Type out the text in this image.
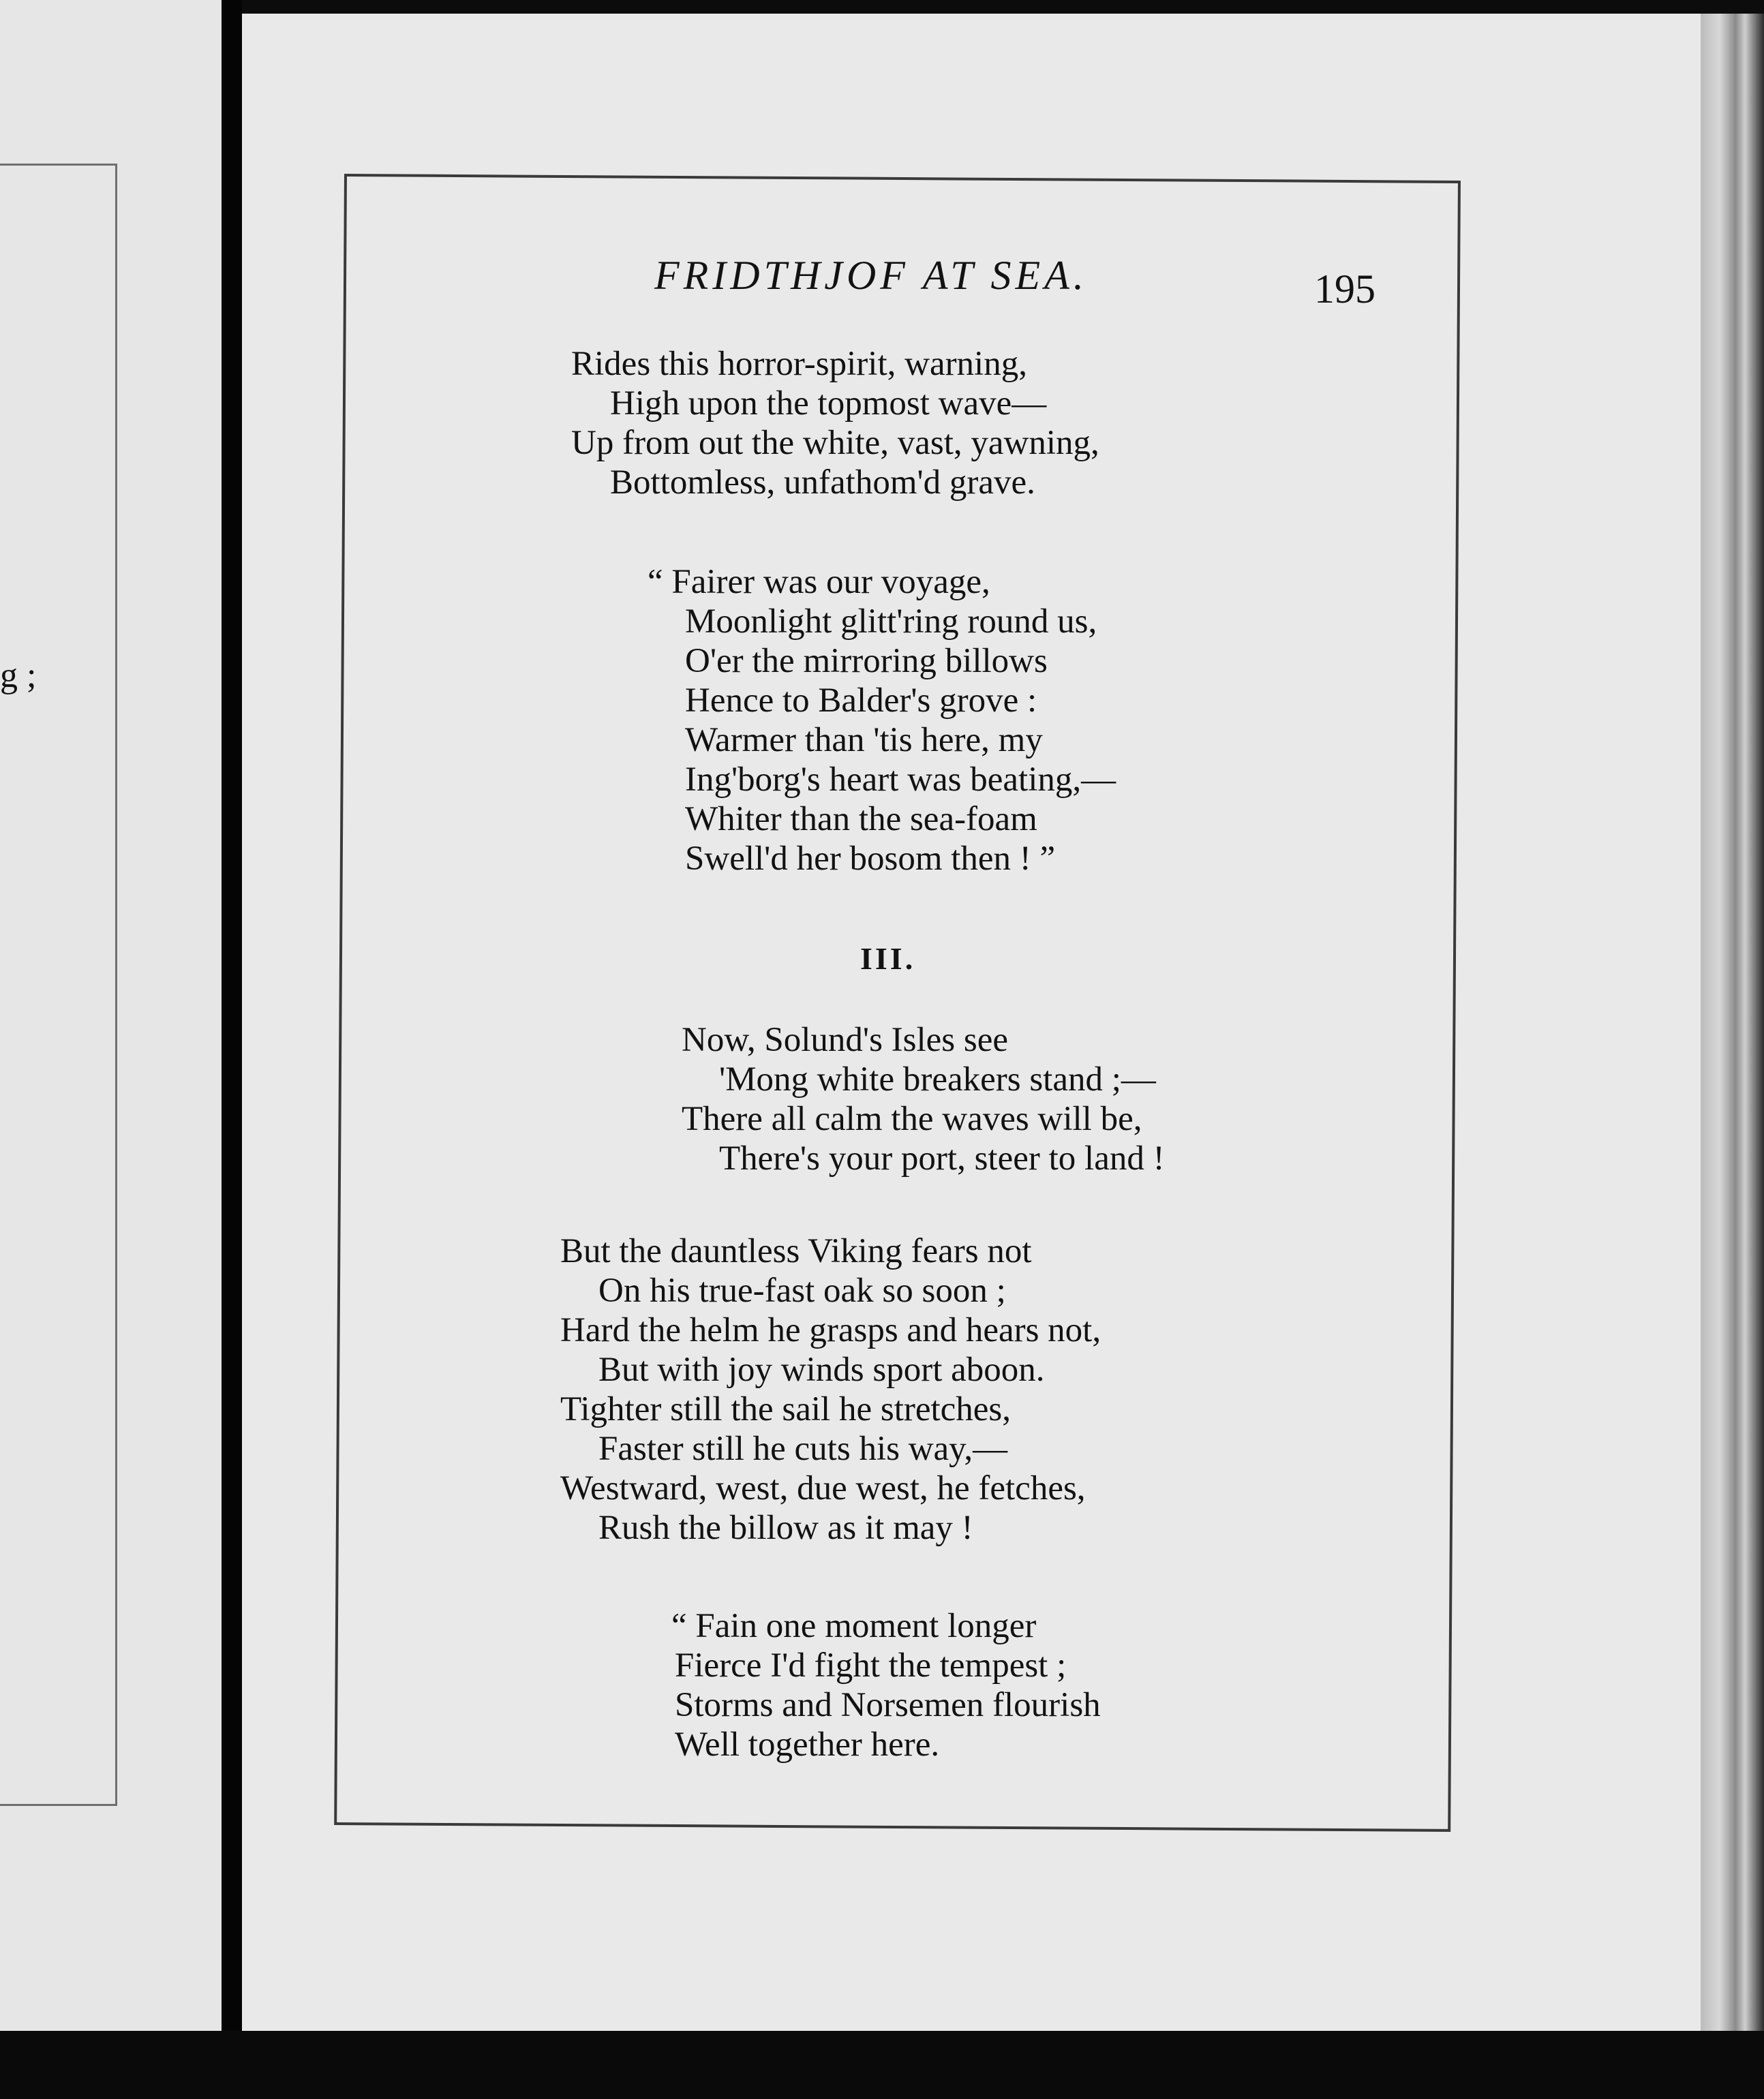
g ;
FRIDTHJOF AT SEA.	195
Rides this horror-spirit, warning,
High upon the topmost wave—
Up from out the white, vast, yawning,
Bottomless, unfathom'd grave.
“ Fairer was our voyage,
Moonlight glitt'ring round us,
O'er the mirroring billows
Hence to Balder's grove :
Warmer than 'tis here, my
Ing'borg's heart was beating,—
Whiter than the sea-foam
Swell'd her bosom then ! ”
III.
Now, Solund's Isles see
'Mong white breakers stand ;—
There all calm the waves will be,
There's your port, steer to land !
But the dauntless Viking fears not
On his true-fast oak so soon ;
Hard the helm he grasps and hears not,
But with joy winds sport aboon.
Tighter still the sail he stretches,
Faster still he cuts his way,—
Westward, west, due west, he fetches,
Rush the billow as it may !
“ Fain one moment longer
Fierce I'd fight the tempest ;
Storms and Norsemen flourish
Well together here.
